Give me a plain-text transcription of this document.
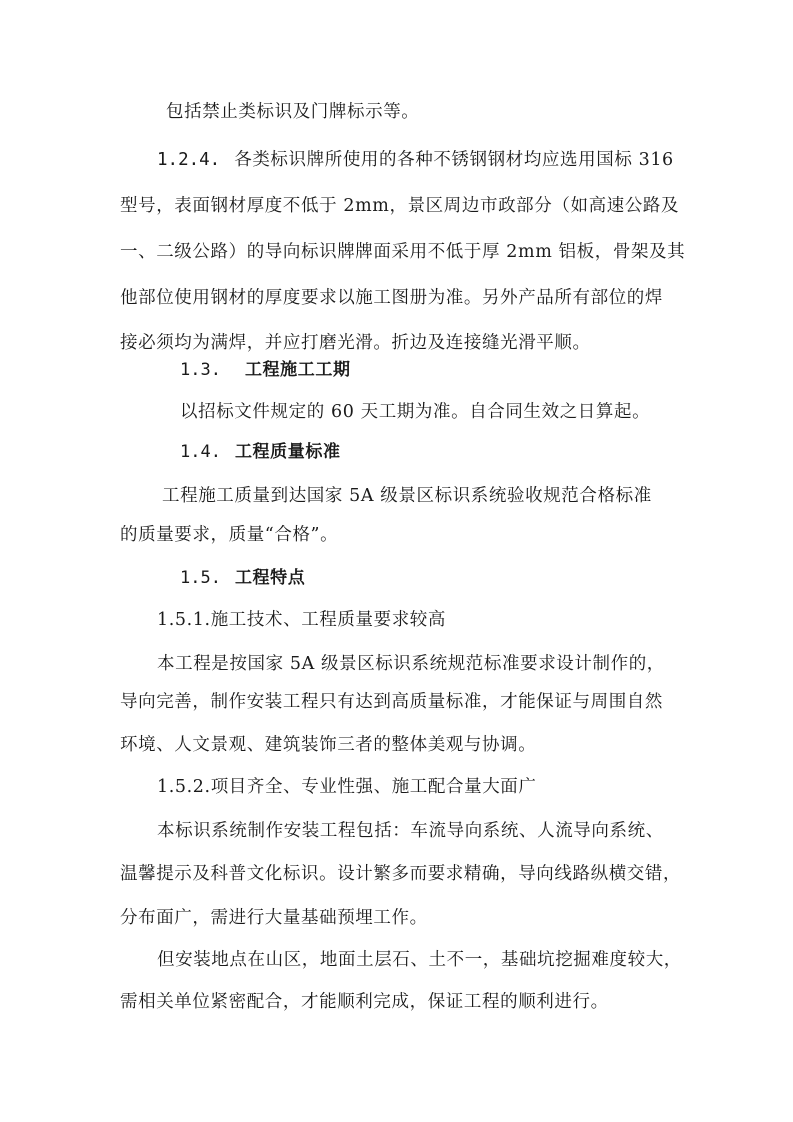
包括禁止类标识及门牌标示等。
1.2.4. 各类标识牌所使用的各种不锈钢钢材均应选用国标 316
型号，表面钢材厚度不低于 2mm，景区周边市政部分（如高速公路及
一、二级公路）的导向标识牌牌面采用不低于厚 2mm 铝板，骨架及其
他部位使用钢材的厚度要求以施工图册为准。另外产品所有部位的焊
接必须均为满焊，并应打磨光滑。折边及连接缝光滑平顺。
1.3. 工程施工工期
以招标文件规定的 60 天工期为准。自合同生效之日算起。
1.4. 工程质量标准
工程施工质量到达国家 5A 级景区标识系统验收规范合格标准
的质量要求，质量“合格”。
1.5. 工程特点
1.5.1.施工技术、工程质量要求较高
本工程是按国家 5A 级景区标识系统规范标准要求设计制作的，
导向完善，制作安装工程只有达到高质量标准，才能保证与周围自然
环境、人文景观、建筑装饰三者的整体美观与协调。
1.5.2.项目齐全、专业性强、施工配合量大面广
本标识系统制作安装工程包括：车流导向系统、人流导向系统、
温馨提示及科普文化标识。设计繁多而要求精确，导向线路纵横交错，
分布面广，需进行大量基础预埋工作。
但安装地点在山区，地面土层石、土不一，基础坑挖掘难度较大，
需相关单位紧密配合，才能顺利完成，保证工程的顺利进行。
